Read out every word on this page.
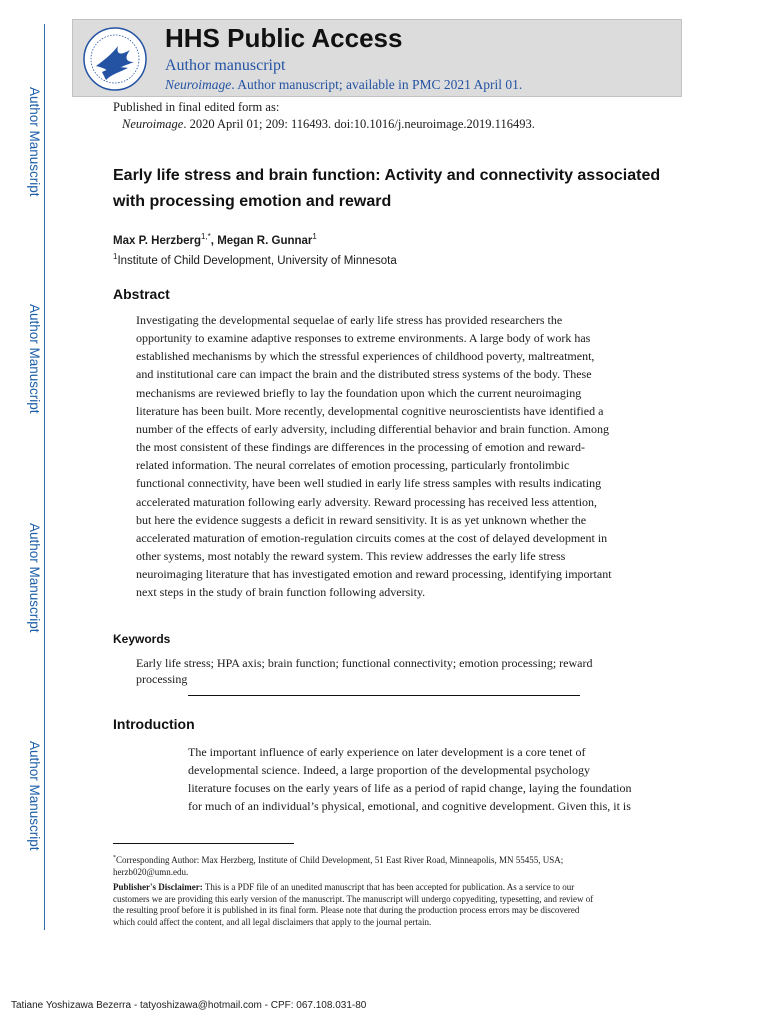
Author Manuscript
Author Manuscript
Author Manuscript
Author Manuscript
HHS Public Access
Author manuscript
Neuroimage. Author manuscript; available in PMC 2021 April 01.
Published in final edited form as:
Neuroimage. 2020 April 01; 209: 116493. doi:10.1016/j.neuroimage.2019.116493.
Early life stress and brain function: Activity and connectivity associated with processing emotion and reward
Max P. Herzberg$^{1,*}$, Megan R. Gunnar$^1$
$^1$Institute of Child Development, University of Minnesota
Abstract
Investigating the developmental sequelae of early life stress has provided researchers the
opportunity to examine adaptive responses to extreme environments. A large body of work has
established mechanisms by which the stressful experiences of childhood poverty, maltreatment,
and institutional care can impact the brain and the distributed stress systems of the body. These
mechanisms are reviewed briefly to lay the foundation upon which the current neuroimaging
literature has been built. More recently, developmental cognitive neuroscientists have identified a
number of the effects of early adversity, including differential behavior and brain function. Among
the most consistent of these findings are differences in the processing of emotion and reward-
related information. The neural correlates of emotion processing, particularly frontolimbic
functional connectivity, have been well studied in early life stress samples with results indicating
accelerated maturation following early adversity. Reward processing has received less attention,
but here the evidence suggests a deficit in reward sensitivity. It is as yet unknown whether the
accelerated maturation of emotion-regulation circuits comes at the cost of delayed development in
other systems, most notably the reward system. This review addresses the early life stress
neuroimaging literature that has investigated emotion and reward processing, identifying important
next steps in the study of brain function following adversity.
Keywords
Early life stress; HPA axis; brain function; functional connectivity; emotion processing; reward
processing
Introduction
The important influence of early experience on later development is a core tenet of
developmental science. Indeed, a large proportion of the developmental psychology
literature focuses on the early years of life as a period of rapid change, laying the foundation
for much of an individual’s physical, emotional, and cognitive development. Given this, it is
*Corresponding Author: Max Herzberg, Institute of Child Development, 51 East River Road, Minneapolis, MN 55455, USA;
herzb020@umn.edu.
Publisher's Disclaimer: This is a PDF file of an unedited manuscript that has been accepted for publication. As a service to our
customers we are providing this early version of the manuscript. The manuscript will undergo copyediting, typesetting, and review of
the resulting proof before it is published in its final form. Please note that during the production process errors may be discovered
which could affect the content, and all legal disclaimers that apply to the journal pertain.
Tatiane Yoshizawa Bezerra - tatyoshizawa@hotmail.com - CPF: 067.108.031-80
